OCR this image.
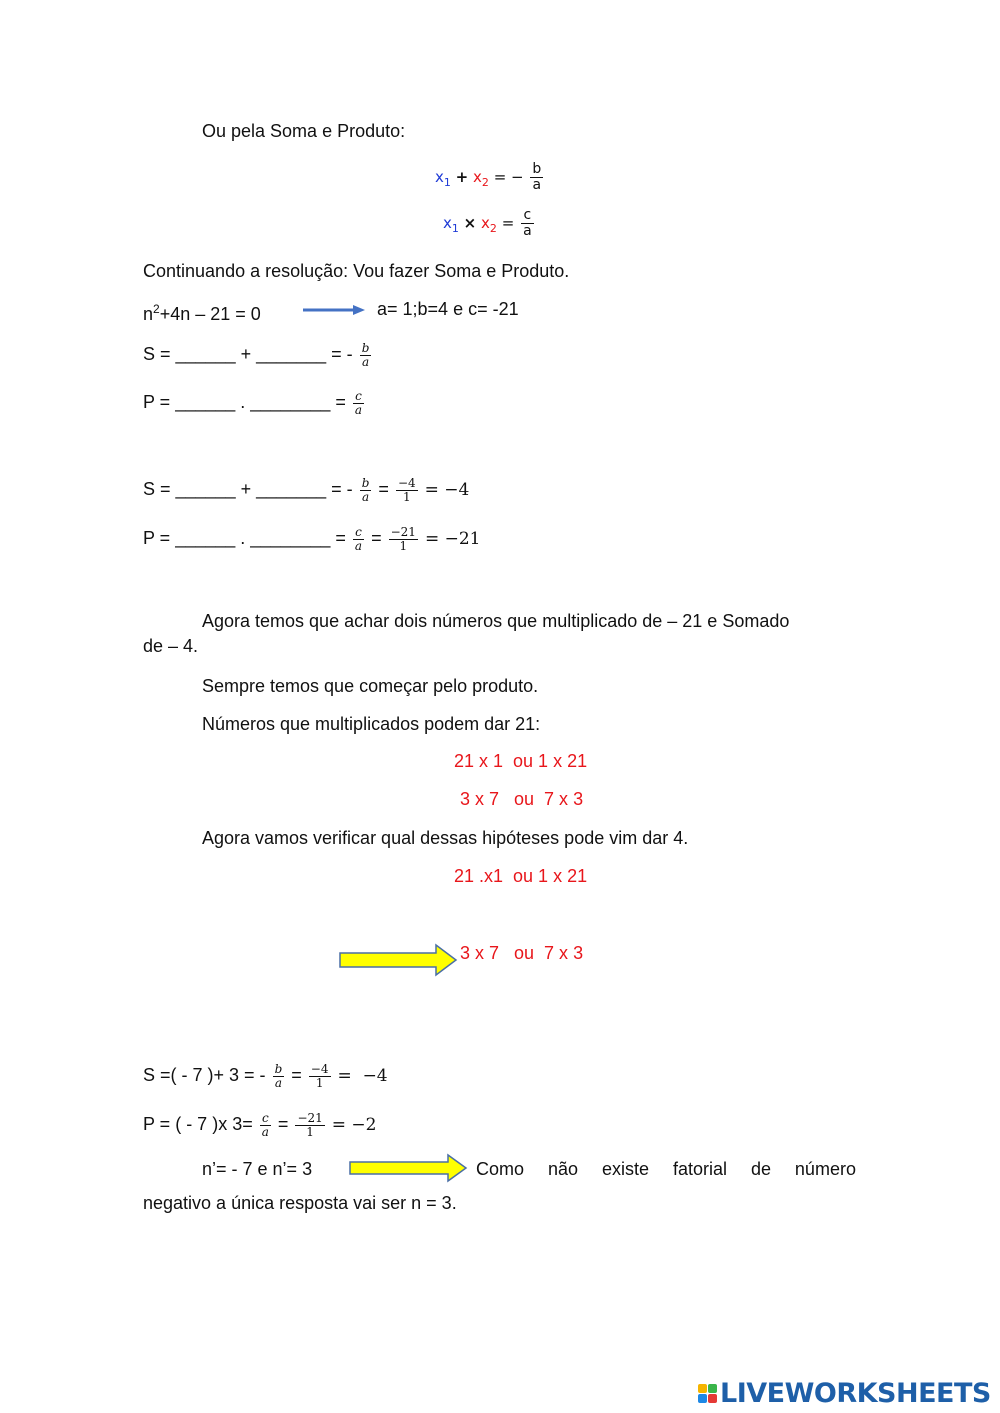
Ou pela Soma e Produto:
$x_1 + x_2$ = − $\frac{b}{a}$
$x_1 \times x_2 = \frac{c}{a}$
Continuando a resolução: Vou fazer Soma e Produto.
$n^2+4n - 21 = 0$	a= 1;b=4 e c= -21
S = ______ + _______ = - $\frac{b}{a}$
P = ______ . ________ = $\frac{c}{a}$
S = ______ + _______ = - $\frac{b}{a} = \frac{-4}{1} = -4$
P = ______ . ________ = $\frac{c}{a} = \frac{-21}{1} = -21$
Agora temos que achar dois números que multiplicado de – 21 e Somado
de – 4.
Sempre temos que começar pelo produto.
Números que multiplicados podem dar 21:
21 x 1  ou 1 x 21
3 x 7   ou  7 x 3
Agora vamos verificar qual dessas hipóteses pode vim dar 4.
21 .x1  ou 1 x 21
3 x 7   ou  7 x 3
S =( - 7 )+ 3 = - $\frac{b}{a} = \frac{-4}{1} = -4$
P = ( - 7 )x $3= \frac{c}{a} = \frac{-21}{1} = -2$
n’= - 7 e n’= 3	Como não existe fatorial de número
negativo a única resposta vai ser n = 3.
LIVEWORKSHEETS
